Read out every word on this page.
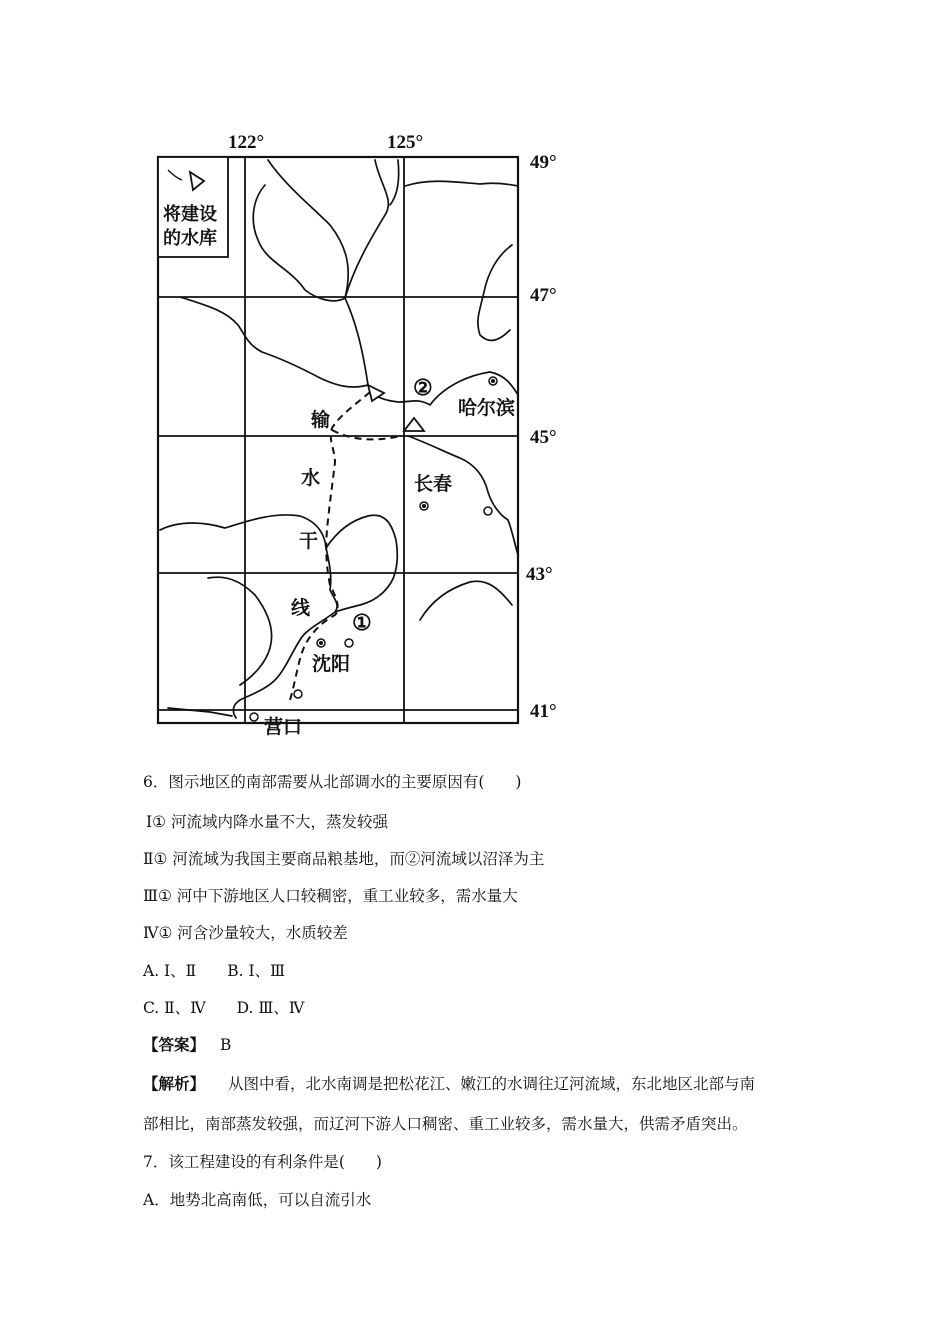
122°	125°
49°
47°
45°
43°
41°
将建设
的水库
哈尔滨
长春
沈阳
营口
输
水
干
线
①
②
6．图示地区的南部需要从北部调水的主要原因有(　　)
Ⅰ① 河流域内降水量不大，蒸发较强
Ⅱ① 河流域为我国主要商品粮基地，而②河流域以沼泽为主
Ⅲ① 河中下游地区人口较稠密，重工业较多，需水量大
Ⅳ① 河含沙量较大，水质较差
A. Ⅰ、Ⅱ　　B. Ⅰ、Ⅲ
C. Ⅱ、Ⅳ　　D. Ⅲ、Ⅳ
【答案】 B
【解析】 从图中看，北水南调是把松花江、嫩江的水调往辽河流域，东北地区北部与南
部相比，南部蒸发较强，而辽河下游人口稠密、重工业较多，需水量大，供需矛盾突出。
7．该工程建设的有利条件是(　　)
A．地势北高南低，可以自流引水
